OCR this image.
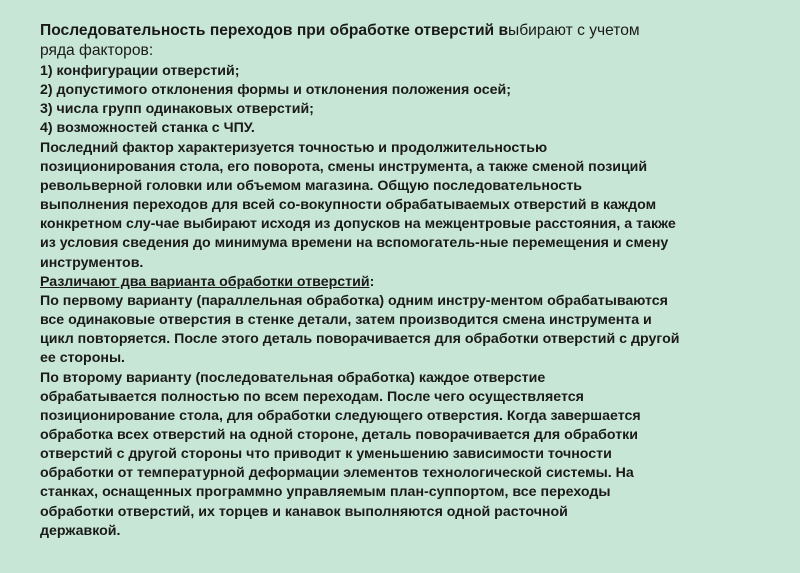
Последовательность переходов при обработке отверстий выбирают с учетом
ряда факторов:
1) конфигурации отверстий;
2) допустимого отклонения формы и отклонения положения осей;
3) числа групп одинаковых отверстий;
4) возможностей станка с ЧПУ.
Последний фактор характеризуется точностью и продолжительностью
позиционирования стола, его поворота, смены инструмента, а также сменой позиций
револьверной головки или объемом магазина. Общую последовательность
выполнения переходов для всей со-вокупности обрабатываемых отверстий в каждом
конкретном слу-чае выбирают исходя из допусков на межцентровые расстояния, а также
из условия сведения до минимума времени на вспомогатель-ные перемещения и смену
инструментов.
Различают два варианта обработки отверстий:
По первому варианту (параллельная обработка) одним инстру-ментом обрабатываются
все одинаковые отверстия в стенке детали, затем производится смена инструмента и
цикл повторяется. После этого деталь поворачивается для обработки отверстий с другой
ее стороны.
По второму варианту (последовательная обработка) каждое отверстие
обрабатывается полностью по всем переходам. После чего осуществляется
позиционирование стола, для обработки следующего отверстия. Когда завершается
обработка всех отверстий на одной стороне, деталь поворачивается для обработки
отверстий с другой стороны что приводит к уменьшению зависимости точности
обработки от температурной деформации элементов технологической системы. На
станках, оснащенных программно управляемым план-суппортом, все переходы
обработки отверстий, их торцев и канавок выполняются одной расточной
державкой.
